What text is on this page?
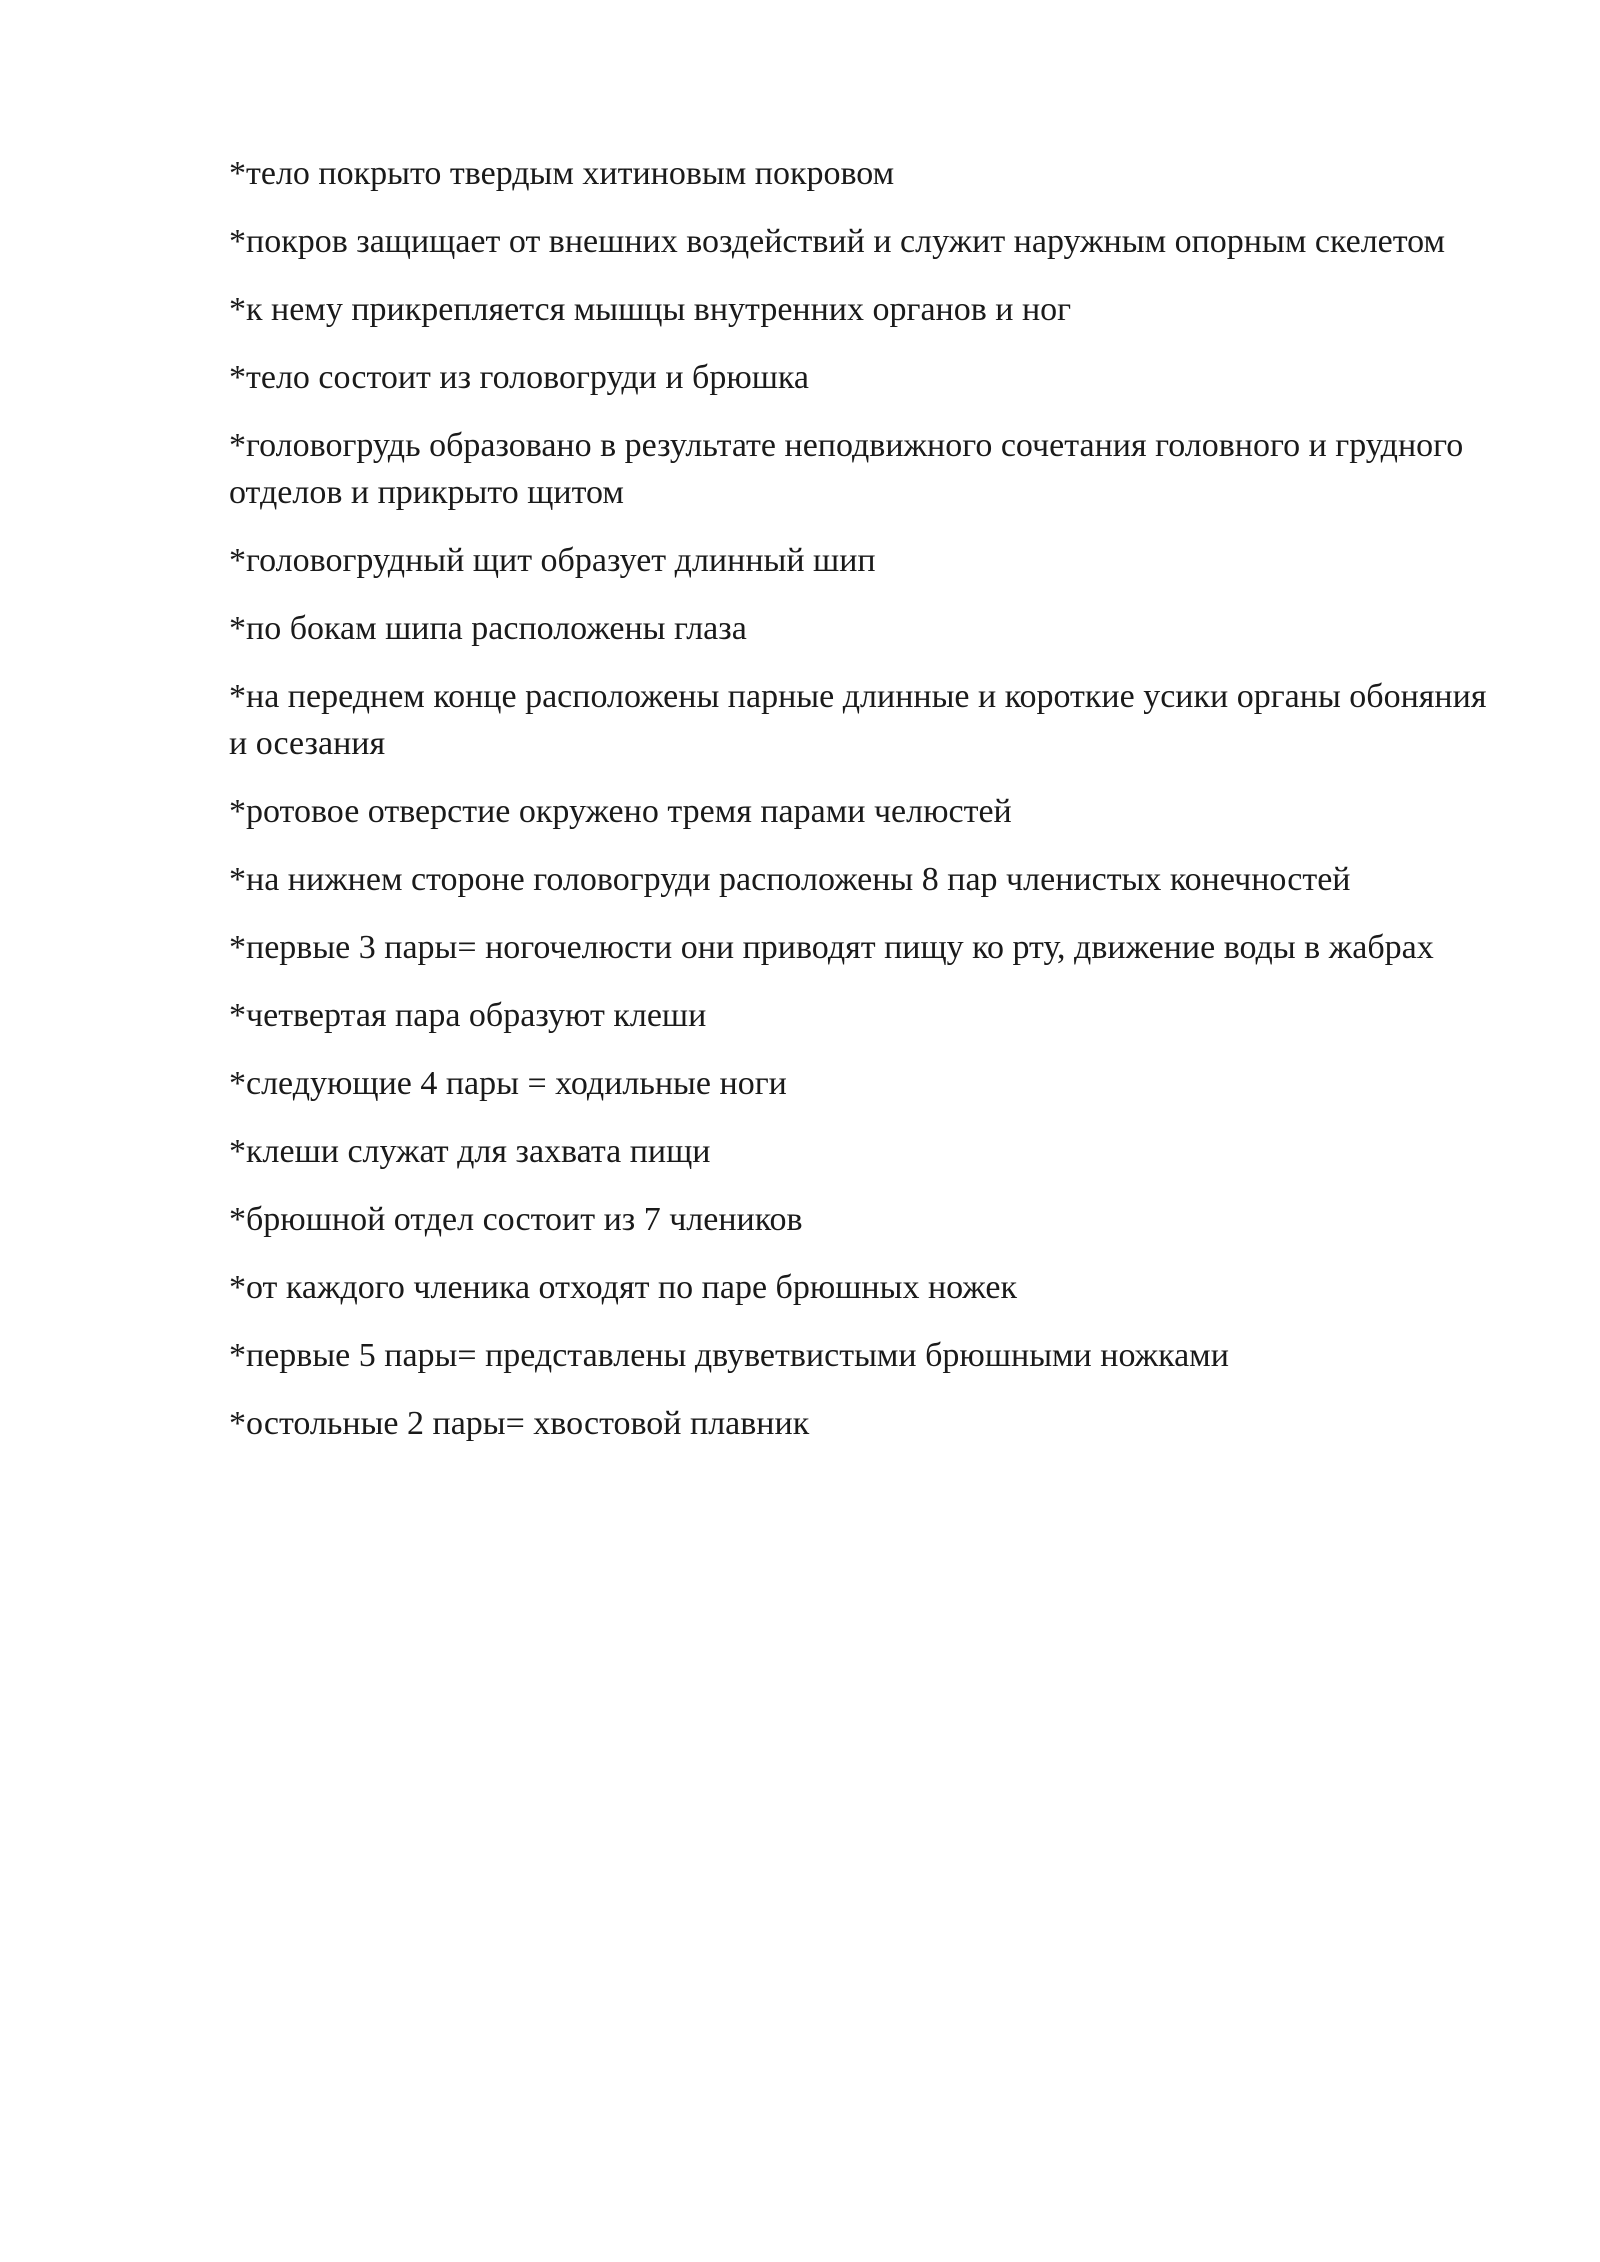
*тело покрыто твердым хитиновым покровом

*покров защищает от внешних воздействий и служит наружным опорным скелетом

*к нему прикрепляется мышцы внутренних органов и ног

*тело состоит из головогруди и брюшка

*головогрудь образовано в результате неподвижного сочетания головного и грудного отделов и прикрыто щитом

*головогрудный щит образует длинный шип

*по бокам шипа расположены глаза

*на переднем конце расположены парные длинные и короткие усики органы обоняния и осезания

*ротовое отверстие окружено тремя парами челюстей

*на нижнем стороне головогруди расположены 8 пар членистых конечностей

*первые 3 пары= ногочелюсти они приводят пищу ко рту, движение воды в жабрах

*четвертая пара образуют клеши

*следующие 4 пары = ходильные ноги

*клеши служат для захвата пищи

*брюшной отдел состоит из 7 члеников

*от каждого членика отходят по паре брюшных ножек

*первые 5 пары= представлены двуветвистыми брюшными ножками

*остольные 2 пары= хвостовой плавник
